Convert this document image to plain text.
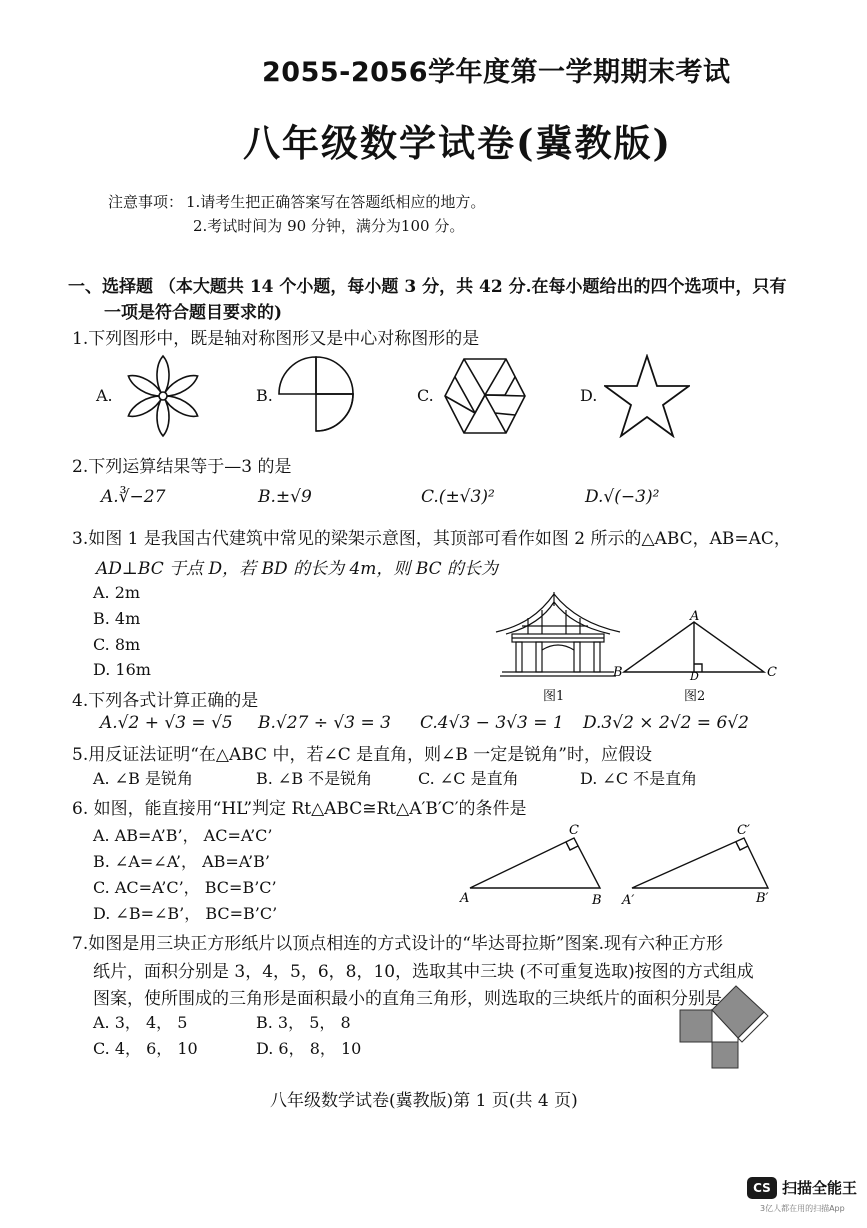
2055-2056学年度第一学期期末考试
八年级数学试卷(冀教版)
注意事项： 1.请考生把正确答案写在答题纸相应的地方。
2.考试时间为 90 分钟，满分为100 分。
一、选择题 （本大题共 14 个小题，每小题 3 分，共 42 分.在每小题给出的四个选项中，只有
一项是符合题目要求的)
1.下列图形中，既是轴对称图形又是中心对称图形的是
A.	B.	C.	D.
2.下列运算结果等于—3 的是
A.∛−27	B.±√9	C.(±√3)²	D.√(−3)²
3.如图 1 是我国古代建筑中常见的梁架示意图，其顶部可看作如图 2 所示的△ABC，AB=AC，
AD⊥BC 于点 D，若 BD 的长为 4m，则 BC 的长为
A. 2m
B. 4m
C. 8m
D. 16m
图1
A
B	C
D
图2
4.下列各式计算正确的是
A.√2 + √3 = √5 B.√27 ÷ √3 = 3 C.4√3 − 3√3 = 1 D.3√2 × 2√2 = 6√2
5.用反证法证明“在△ABC 中，若∠C 是直角，则∠B 一定是锐角”时，应假设
A. ∠B 是锐角	B. ∠B 不是锐角	C. ∠C 是直角	D. ∠C 不是直角
6. 如图，能直接用“HL”判定 Rt△ABC≅Rt△A′B′C′的条件是
A. AB=A’B’， AC=A’C’
B. ∠A=∠A’， AB=A’B’
C. AC=A’C’， BC=B’C’
D. ∠B=∠B’， BC=B’C’
A	B
C
A′	B′
C′
7.如图是用三块正方形纸片以顶点相连的方式设计的“毕达哥拉斯”图案.现有六种正方形
纸片，面积分别是 3，4，5，6，8，10，选取其中三块 (不可重复选取)按图的方式组成
图案，使所围成的三角形是面积最小的直角三角形，则选取的三块纸片的面积分别是
A. 3， 4， 5	B. 3， 5， 8
C. 4， 6， 10	D. 6， 8， 10
八年级数学试卷(冀教版)第 1 页(共 4 页)
CS 扫描全能王
3亿人都在用的扫描App
